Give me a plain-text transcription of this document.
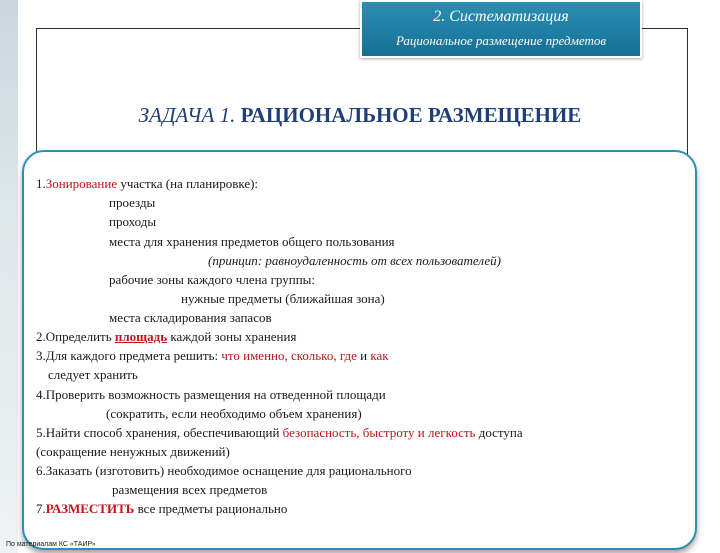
2. Систематизация
Рациональное размещение предметов
ЗАДАЧА 1. РАЦИОНАЛЬНОЕ РАЗМЕЩЕНИЕ
1.Зонирование участка (на планировке):
проезды
проходы
места для хранения предметов общего пользования
(принцип: равноудаленность от всех пользователей)
рабочие зоны каждого члена группы:
нужные предметы (ближайшая зона)
места складирования запасов
2.Определить площадь каждой зоны хранения
3.Для каждого предмета решить: что именно, сколько, где и как
следует хранить
4.Проверить возможность размещения на отведенной площади
(сократить, если необходимо объем хранения)
5.Найти способ хранения, обеспечивающий безопасность, быстроту и легкость доступа
(сокращение ненужных движений)
6.Заказать (изготовить) необходимое оснащение для рационального
размещения всех предметов
7.РАЗМЕСТИТЬ все предметы рационально
По материалам КС «ТАИР»
